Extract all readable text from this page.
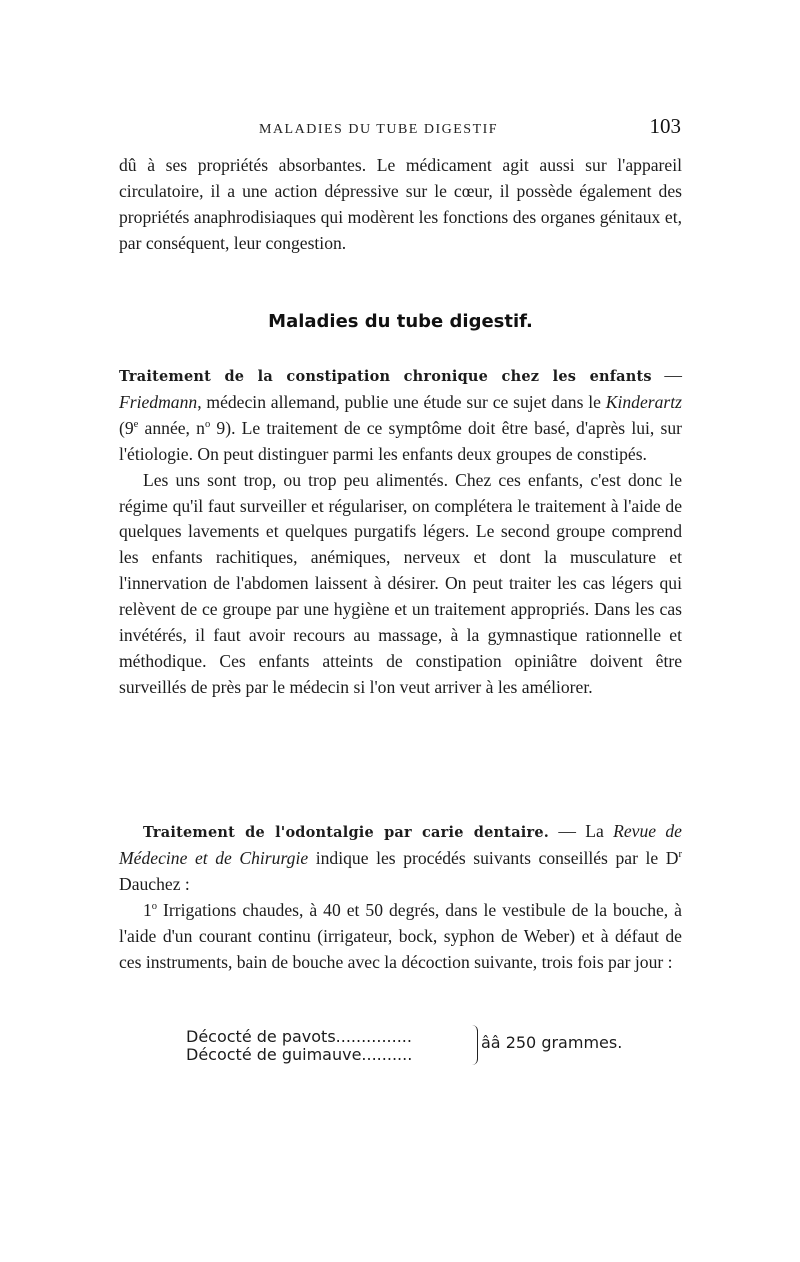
MALADIES DU TUBE DIGESTIF	103

dû à ses propriétés absorbantes. Le médicament agit aussi sur l'appareil circulatoire, il a une action dépressive sur le cœur, il possède également des propriétés anaphrodisiaques qui modèrent les fonctions des organes génitaux et, par conséquent, leur congestion.

Maladies du tube digestif.

Traitement de la constipation chronique chez les enfants — Friedmann, médecin allemand, publie une étude sur ce sujet dans le Kinderartz (9e année, $n^o$ 9). Le traitement de ce symptôme doit être basé, d'après lui, sur l'étiologie. On peut distinguer parmi les enfants deux groupes de constipés.

Les uns sont trop, ou trop peu alimentés. Chez ces enfants, c'est donc le régime qu'il faut surveiller et régulariser, on complétera le traitement à l'aide de quelques lavements et quelques purgatifs légers. Le second groupe comprend les enfants rachitiques, anémiques, nerveux et dont la musculature et l'innervation de l'abdomen laissent à désirer. On peut traiter les cas légers qui relèvent de ce groupe par une hygiène et un traitement appropriés. Dans les cas invétérés, il faut avoir recours au massage, à la gymnastique rationnelle et méthodique. Ces enfants atteints de constipation opiniâtre doivent être surveillés de près par le médecin si l'on veut arriver à les améliorer.

Traitement de l'odontalgie par carie dentaire. — La Revue de Médecine et de Chirurgie indique les procédés suivants conseillés par le $D^r$ Dauchez :

1$^o$ Irrigations chaudes, à 40 et 50 degrés, dans le vestibule de la bouche, à l'aide d'un courant continu (irrigateur, bock, syphon de Weber) et à défaut de ces instruments, bain de bouche avec la décoction suivante, trois fois par jour :

Décocté de pavots...............
Décocté de guimauve..........
ââ 250 grammes.
